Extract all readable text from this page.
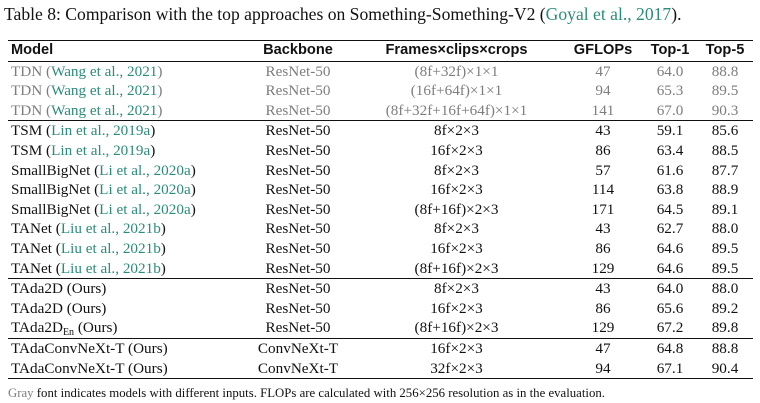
Table 8: Comparison with the top approaches on Something-Something-V2 (Goyal et al., 2017).
Model	Backbone	Frames×clips×crops	GFLOPs	Top-1	Top-5
TDN (Wang et al., 2021)	ResNet-50	(8f+32f)×1×1	47	64.0	88.8
TDN (Wang et al., 2021)	ResNet-50	(16f+64f)×1×1	94	65.3	89.5
TDN (Wang et al., 2021)	ResNet-50	(8f+32f+16f+64f)×1×1	141	67.0	90.3
TSM (Lin et al., 2019a)	ResNet-50	8f×2×3	43	59.1	85.6
TSM (Lin et al., 2019a)	ResNet-50	16f×2×3	86	63.4	88.5
SmallBigNet (Li et al., 2020a)	ResNet-50	8f×2×3	57	61.6	87.7
SmallBigNet (Li et al., 2020a)	ResNet-50	16f×2×3	114	63.8	88.9
SmallBigNet (Li et al., 2020a)	ResNet-50	(8f+16f)×2×3	171	64.5	89.1
TANet (Liu et al., 2021b)	ResNet-50	8f×2×3	43	62.7	88.0
TANet (Liu et al., 2021b)	ResNet-50	16f×2×3	86	64.6	89.5
TANet (Liu et al., 2021b)	ResNet-50	(8f+16f)×2×3	129	64.6	89.5
TAda2D (Ours)	ResNet-50	8f×2×3	43	64.0	88.0
TAda2D (Ours)	ResNet-50	16f×2×3	86	65.6	89.2
$TAda2D_{En}$ (Ours)	ResNet-50	(8f+16f)×2×3	129	67.2	89.8
TAdaConvNeXt-T (Ours)	ConvNeXt-T	16f×2×3	47	64.8	88.8
TAdaConvNeXt-T (Ours)	ConvNeXt-T	32f×2×3	94	67.1	90.4
Gray font indicates models with different inputs. FLOPs are calculated with 256×256 resolution as in the evaluation.
